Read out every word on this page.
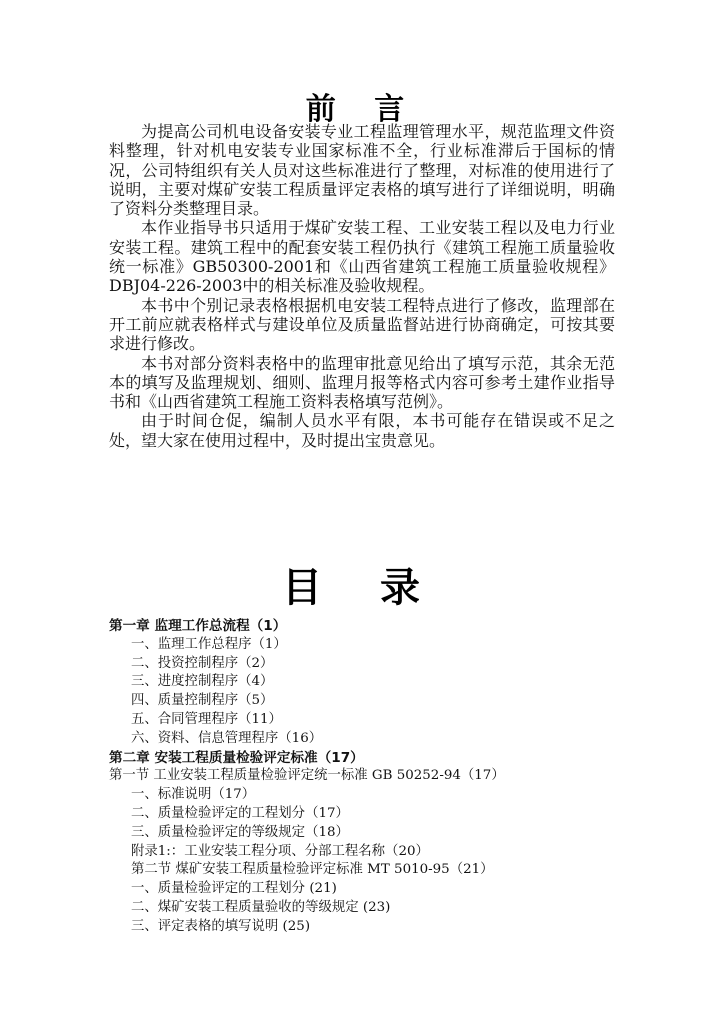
前 言

为提高公司机电设备安装专业工程监理管理水平，规范监理文件资料整理，针对机电安装专业国家标准不全，行业标准滞后于国标的情况，公司特组织有关人员对这些标准进行了整理，对标准的使用进行了说明，主要对煤矿安装工程质量评定表格的填写进行了详细说明，明确了资料分类整理目录。

本作业指导书只适用于煤矿安装工程、工业安装工程以及电力行业安装工程。建筑工程中的配套安装工程仍执行《建筑工程施工质量验收统一标准》GB50300-2001和《山西省建筑工程施工质量验收规程》DBJ04-226-2003中的相关标准及验收规程。

本书中个别记录表格根据机电安装工程特点进行了修改，监理部在开工前应就表格样式与建设单位及质量监督站进行协商确定，可按其要求进行修改。

本书对部分资料表格中的监理审批意见给出了填写示范，其余无范本的填写及监理规划、细则、监理月报等格式内容可参考土建作业指导书和《山西省建筑工程施工资料表格填写范例》。

由于时间仓促，编制人员水平有限，本书可能存在错误或不足之处，望大家在使用过程中，及时提出宝贵意见。

目 录
第一章 监理工作总流程（1）
一、监理工作总程序（1）
二、投资控制程序（2）
三、进度控制程序（4）
四、质量控制程序（5）
五、合同管理程序（11）
六、资料、信息管理程序（16）
第二章 安装工程质量检验评定标准（17）
第一节 工业安装工程质量检验评定统一标准 GB 50252-94（17）
一、标准说明（17）
二、质量检验评定的工程划分（17）
三、质量检验评定的等级规定（18）
附录1:：工业安装工程分项、分部工程名称（20）
第二节 煤矿安装工程质量检验评定标准 MT 5010-95（21）
一、质量检验评定的工程划分 (21)
二、煤矿安装工程质量验收的等级规定 (23)
三、评定表格的填写说明 (25)
